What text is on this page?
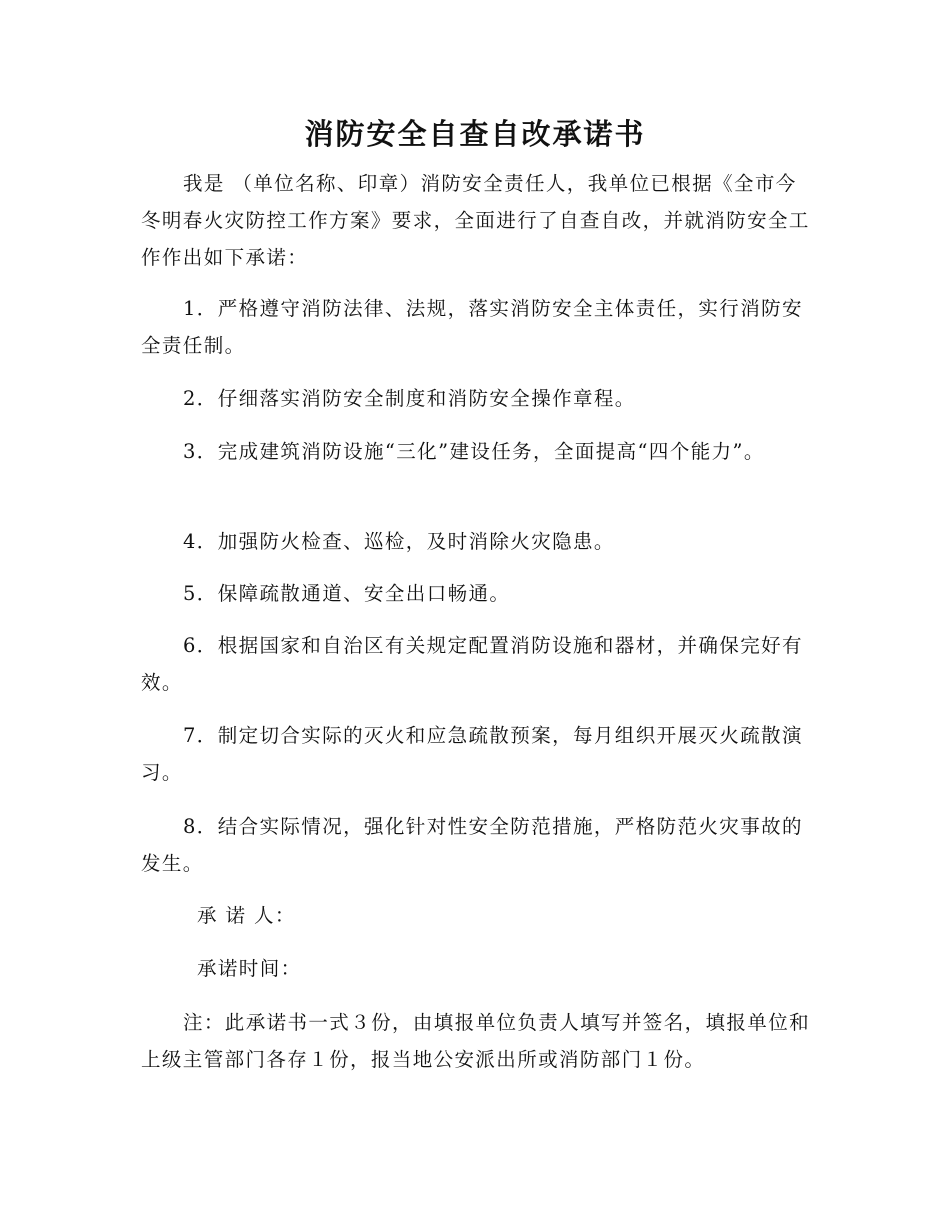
消防安全自查自改承诺书

我是 （单位名称、印章）消防安全责任人，我单位已根据《全市今冬明春火灾防控工作方案》要求，全面进行了自查自改，并就消防安全工作作出如下承诺：

1．严格遵守消防法律、法规，落实消防安全主体责任，实行消防安全责任制。

2．仔细落实消防安全制度和消防安全操作章程。

3．完成建筑消防设施“三化”建设任务，全面提高“四个能力”。

4．加强防火检查、巡检，及时消除火灾隐患。

5．保障疏散通道、安全出口畅通。

6．根据国家和自治区有关规定配置消防设施和器材，并确保完好有效。

7．制定切合实际的灭火和应急疏散预案，每月组织开展灭火疏散演习。

8．结合实际情况，强化针对性安全防范措施，严格防范火灾事故的发生。

承 诺 人：
承诺时间：

注：此承诺书一式３份，由填报单位负责人填写并签名，填报单位和上级主管部门各存１份，报当地公安派出所或消防部门１份。
